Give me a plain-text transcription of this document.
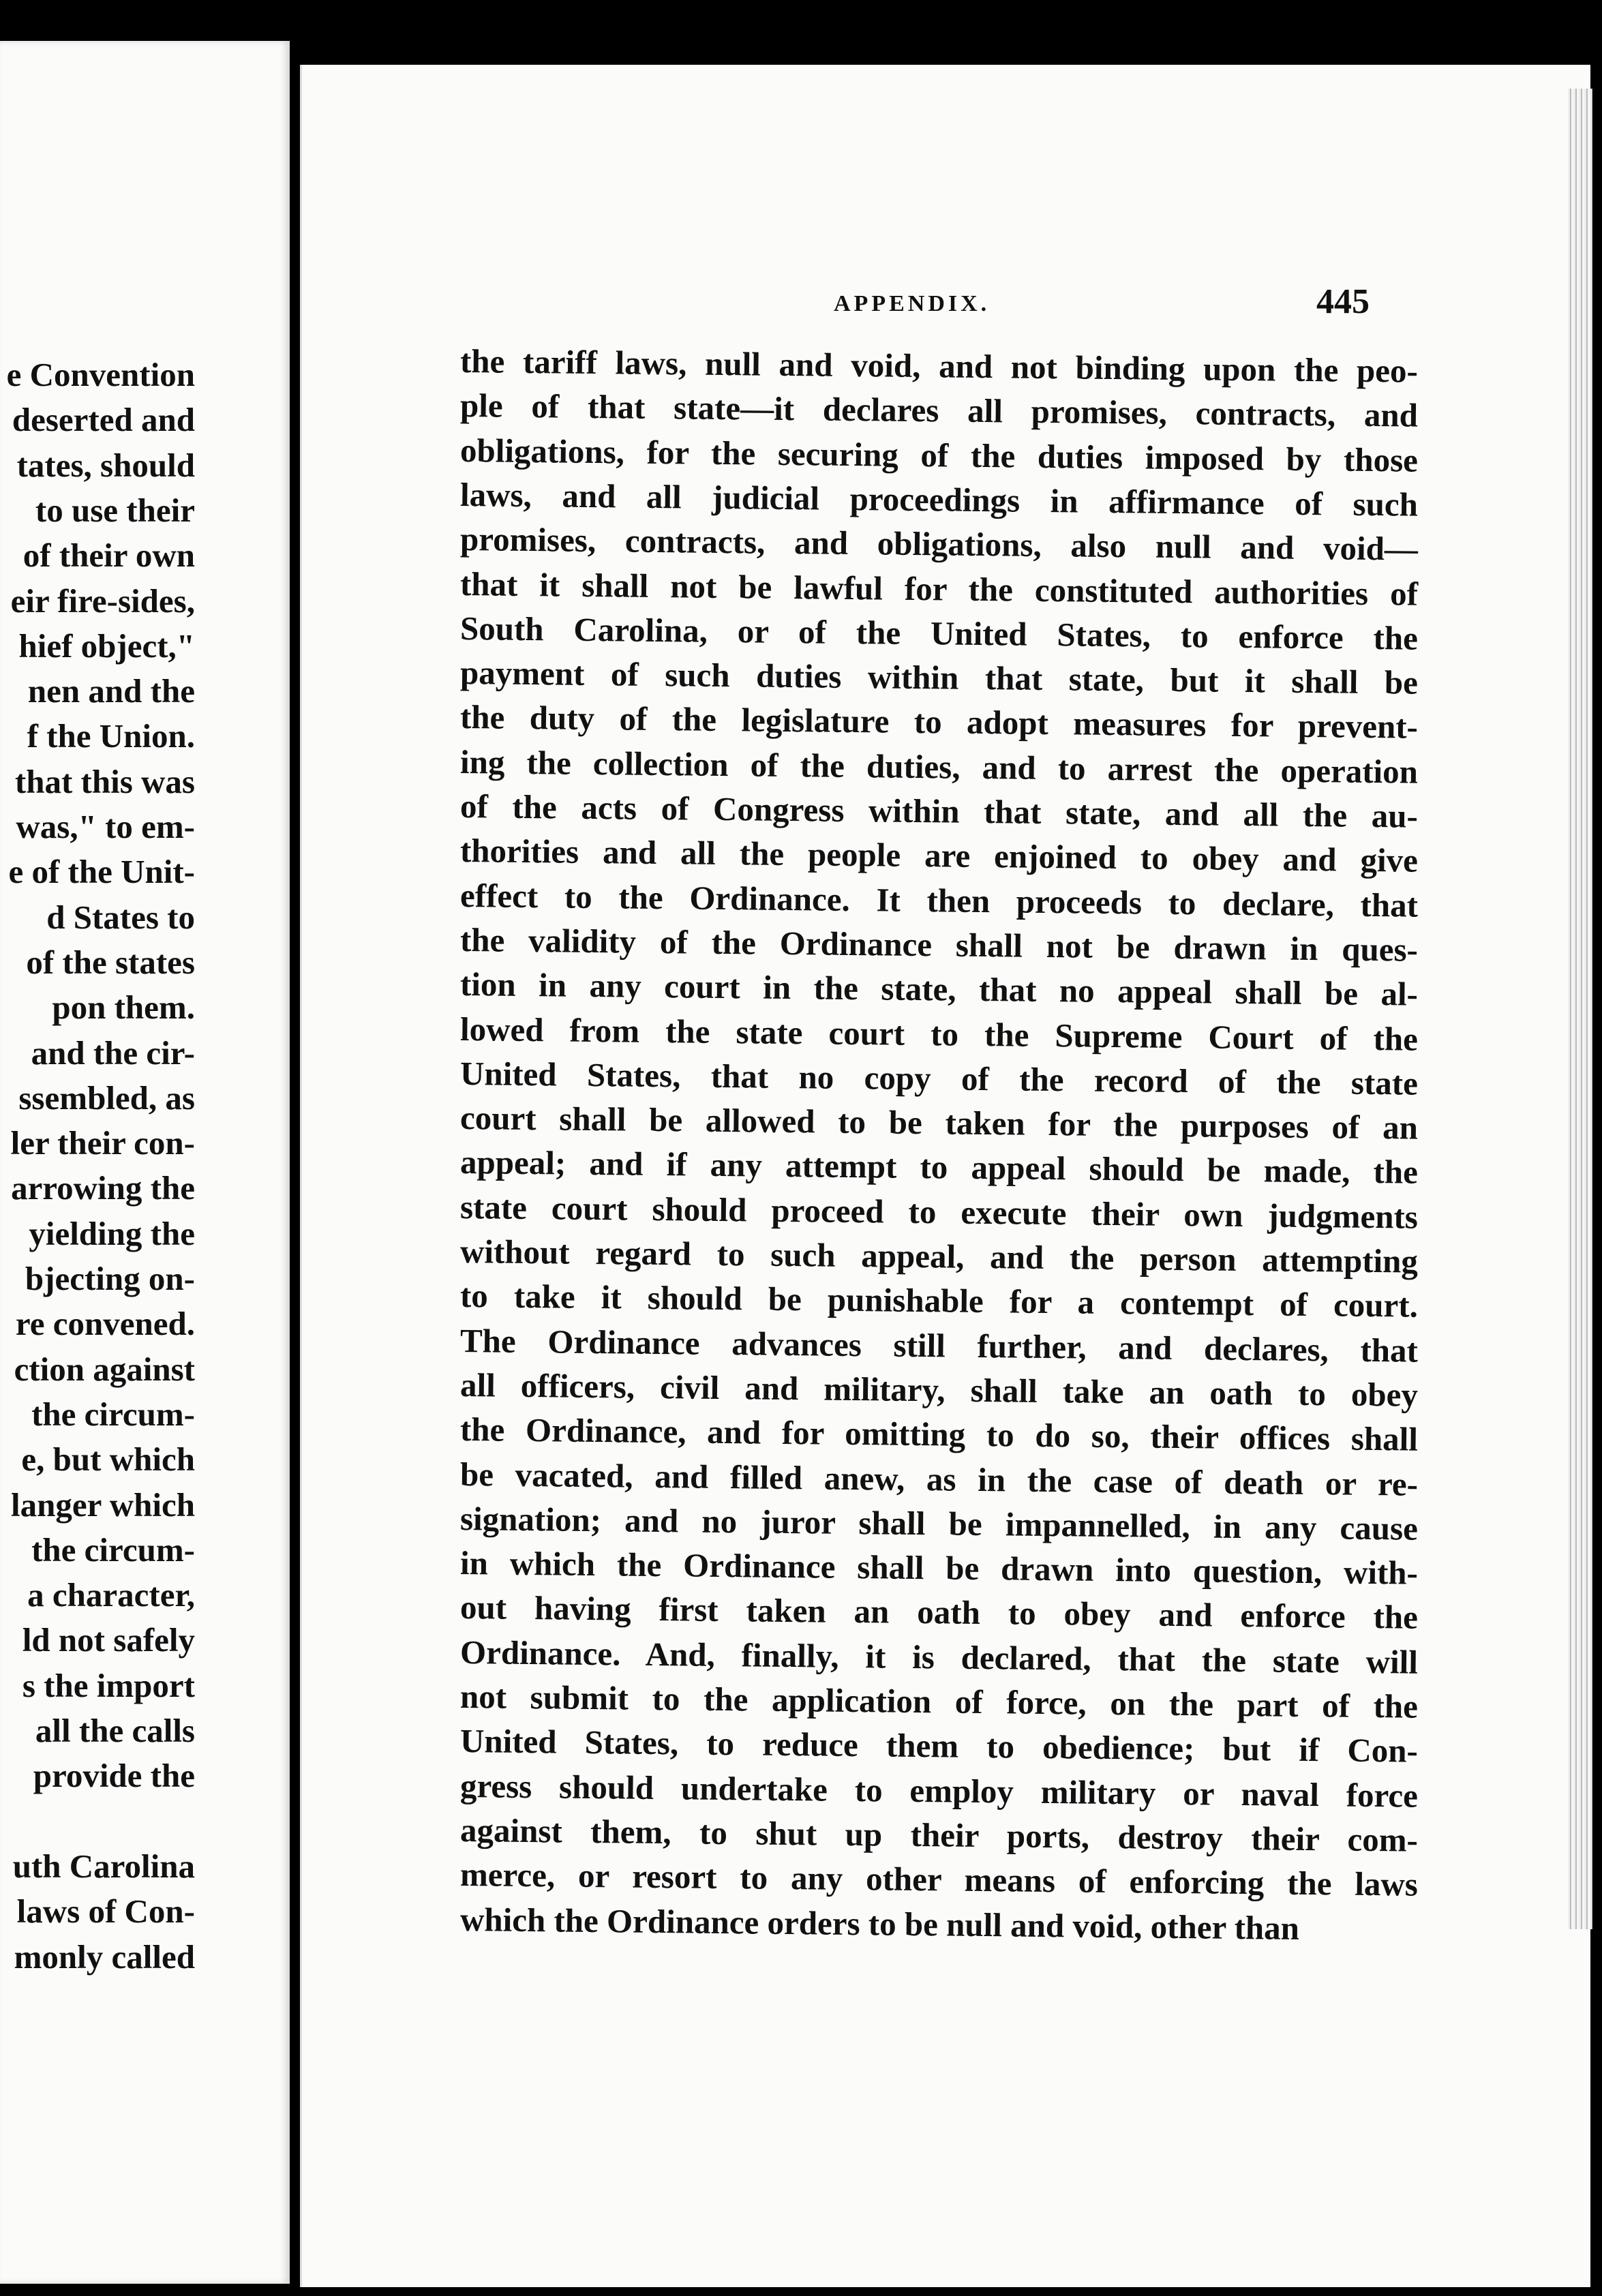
e Convention
deserted and
tates, should
to use their
of their own
eir fire-sides,
hief object,"
nen and the
f the Union.
that this was
was," to em-
e of the Unit-
d States to
of the states
pon them.
and the cir-
ssembled, as
ler their con-
arrowing the
yielding the
bjecting on-
re convened.
ction against
the circum-
e, but which
langer which
the circum-
a character,
ld not safely
s the import
all the calls
provide the
uth Carolina
laws of Con-
monly called
APPENDIX.	445
the tariff laws, null and void, and not binding upon the peo-
ple of that state—it declares all promises, contracts, and
obligations, for the securing of the duties imposed by those
laws, and all judicial proceedings in affirmance of such
promises, contracts, and obligations, also null and void—
that it shall not be lawful for the constituted authorities of
South Carolina, or of the United States, to enforce the
payment of such duties within that state, but it shall be
the duty of the legislature to adopt measures for prevent-
ing the collection of the duties, and to arrest the operation
of the acts of Congress within that state, and all the au-
thorities and all the people are enjoined to obey and give
effect to the Ordinance. It then proceeds to declare, that
the validity of the Ordinance shall not be drawn in ques-
tion in any court in the state, that no appeal shall be al-
lowed from the state court to the Supreme Court of the
United States, that no copy of the record of the state
court shall be allowed to be taken for the purposes of an
appeal; and if any attempt to appeal should be made, the
state court should proceed to execute their own judgments
without regard to such appeal, and the person attempting
to take it should be punishable for a contempt of court.
The Ordinance advances still further, and declares, that
all officers, civil and military, shall take an oath to obey
the Ordinance, and for omitting to do so, their offices shall
be vacated, and filled anew, as in the case of death or re-
signation; and no juror shall be impannelled, in any cause
in which the Ordinance shall be drawn into question, with-
out having first taken an oath to obey and enforce the
Ordinance. And, finally, it is declared, that the state will
not submit to the application of force, on the part of the
United States, to reduce them to obedience; but if Con-
gress should undertake to employ military or naval force
against them, to shut up their ports, destroy their com-
merce, or resort to any other means of enforcing the laws
which the Ordinance orders to be null and void, other than
